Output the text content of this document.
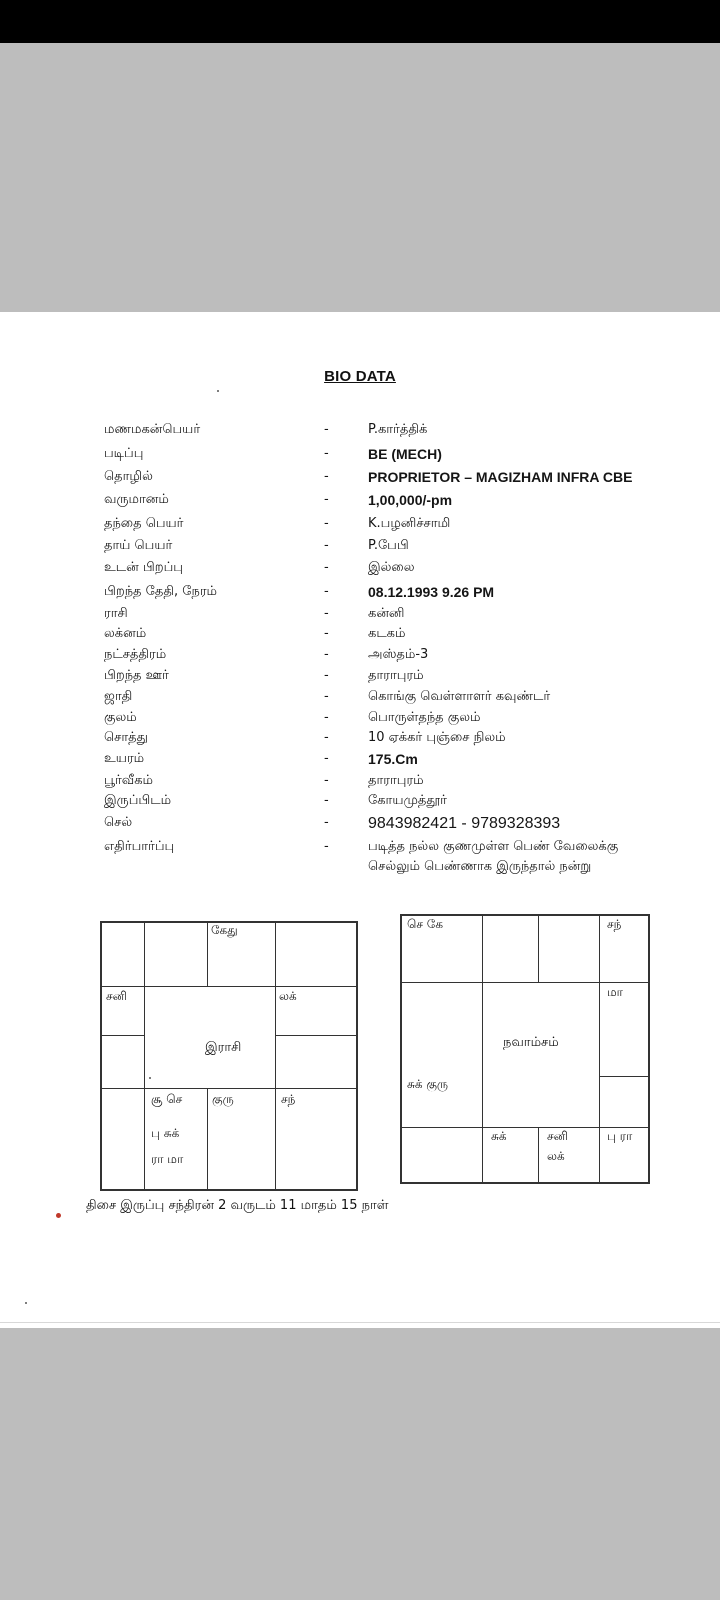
BIO DATA
மணமகன்பெயர்	-	P.கார்த்திக்
படிப்பு	-	BE (MECH)
தொழில்	-	PROPRIETOR – MAGIZHAM INFRA CBE
வருமானம்	-	1,00,000/-pm
தந்தை பெயர்	-	K.பழனிச்சாமி
தாய் பெயர்	-	P.பேபி
உடன் பிறப்பு	-	இல்லை
பிறந்த தேதி, நேரம்	-	08.12.1993 9.26 PM
ராசி	-	கன்னி
லக்னம்	-	கடகம்
நட்சத்திரம்	-	அஸ்தம்-3
பிறந்த ஊர்	-	தாராபுரம்
ஜாதி	-	கொங்கு வெள்ளாளர் கவுண்டர்
குலம்	-	பொருள்தந்த குலம்
சொத்து	-	10 ஏக்கர் புஞ்சை நிலம்
உயரம்	-	175.Cm
பூர்வீகம்	-	தாராபுரம்
இருப்பிடம்	-	கோயமுத்தூர்
செல்	- 9843982421 - 9789328393
எதிர்பார்ப்பு	-	படித்த நல்ல குணமுள்ள பெண் வேலைக்கு
செல்லும் பெண்ணாக இருந்தால் நன்று
கேது
சனி	லக்
இராசி
சூ செ
பு சுக்
ரா மா
குரு	சந்
செ கே	சந்
மா
நவாம்சம்
சுக் குரு
சுக்	சனி
லக்
பு ரா
திசை இருப்பு சந்திரன் 2 வருடம் 11 மாதம் 15 நாள்
